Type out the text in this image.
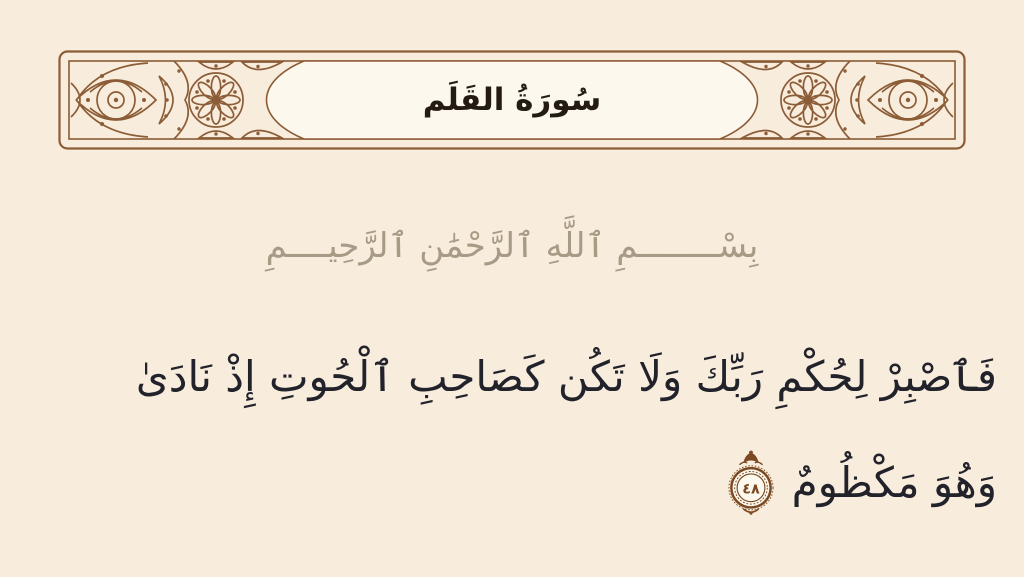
سُورَةُ القَلَم

بِسْــــــــمِ ٱللَّهِ ٱلرَّحْمَٰنِ ٱلرَّحِيــــمِ

فَٱصْبِرْ لِحُكْمِ رَبِّكَ وَلَا تَكُن كَصَاحِبِ ٱلْحُوتِ إِذْ نَادَىٰ
وَهُوَ مَكْظُومٌ
٤٨
